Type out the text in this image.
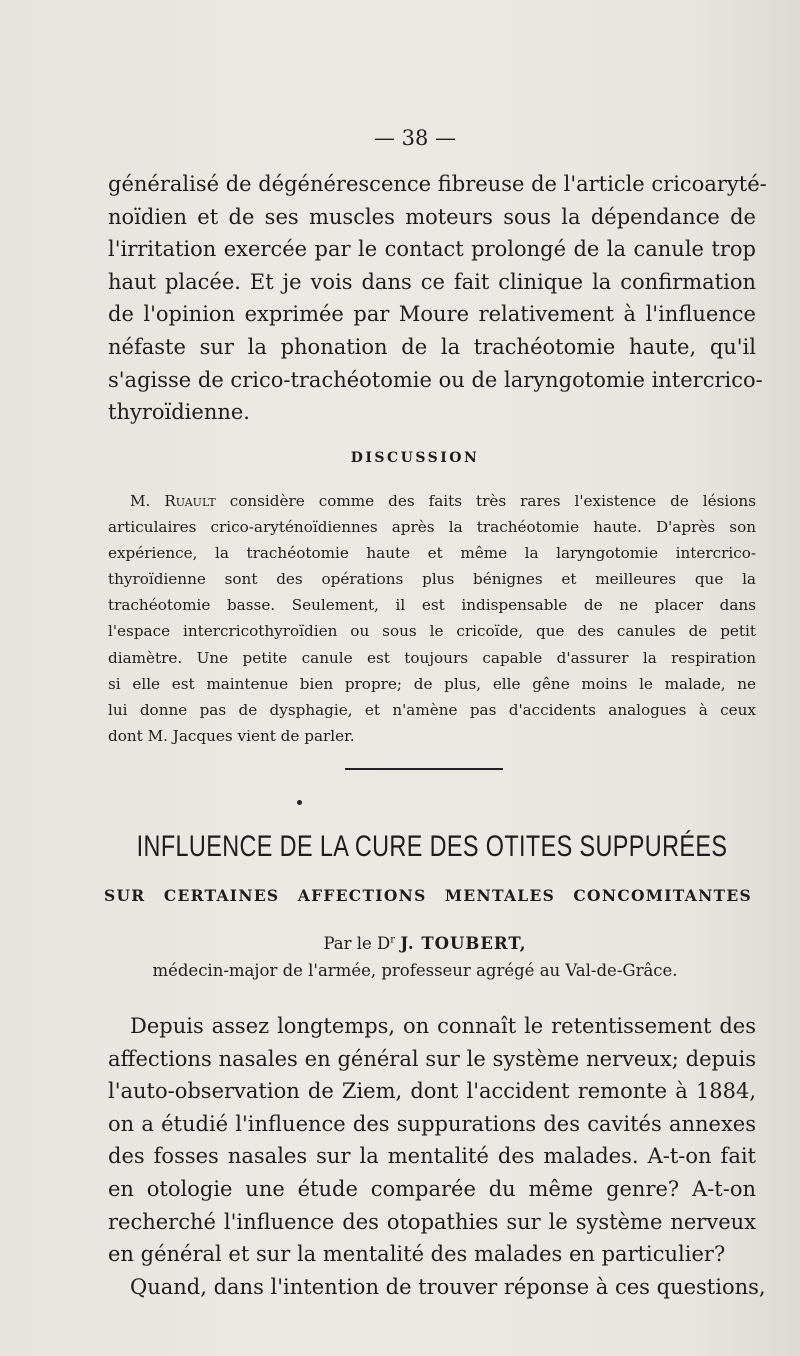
— 38 —
généralisé de dégénérescence fibreuse de l'article cricoaryté-
noïdien et de ses muscles moteurs sous la dépendance de
l'irritation exercée par le contact prolongé de la canule trop
haut placée. Et je vois dans ce fait clinique la confirmation
de l'opinion exprimée par Moure relativement à l'influence
néfaste sur la phonation de la trachéotomie haute, qu'il
s'agisse de crico-trachéotomie ou de laryngotomie intercrico-
thyroïdienne.
DISCUSSION
M. Ruault considère comme des faits très rares l'existence de lésions
articulaires crico-aryténoïdiennes après la trachéotomie haute. D'après son
expérience, la trachéotomie haute et même la laryngotomie intercrico-
thyroïdienne sont des opérations plus bénignes et meilleures que la
trachéotomie basse. Seulement, il est indispensable de ne placer dans
l'espace intercricothyroïdien ou sous le cricoïde, que des canules de petit
diamètre. Une petite canule est toujours capable d'assurer la respiration
si elle est maintenue bien propre; de plus, elle gêne moins le malade, ne
lui donne pas de dysphagie, et n'amène pas d'accidents analogues à ceux
dont M. Jacques vient de parler.
INFLUENCE DE LA CURE DES OTITES SUPPURÉES
SUR CERTAINES AFFECTIONS MENTALES CONCOMITANTES
Par le $D^r$ J. TOUBERT,
médecin-major de l'armée, professeur agrégé au Val-de-Grâce.
Depuis assez longtemps, on connaît le retentissement des
affections nasales en général sur le système nerveux; depuis
l'auto-observation de Ziem, dont l'accident remonte à 1884,
on a étudié l'influence des suppurations des cavités annexes
des fosses nasales sur la mentalité des malades. A-t-on fait
en otologie une étude comparée du même genre? A-t-on
recherché l'influence des otopathies sur le système nerveux
en général et sur la mentalité des malades en particulier?
Quand, dans l'intention de trouver réponse à ces questions,
